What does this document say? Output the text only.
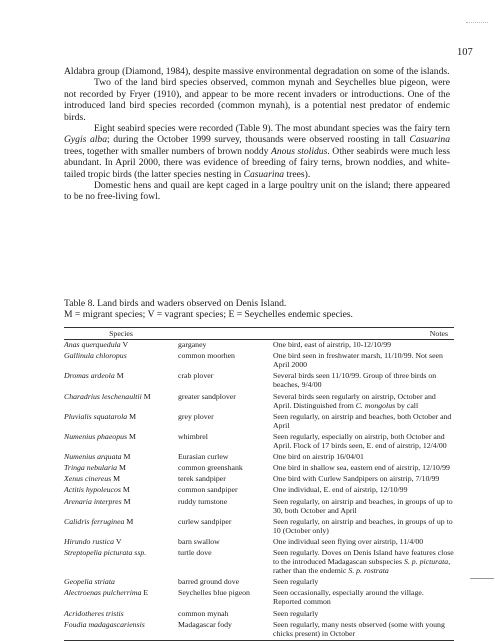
107

Aldabra group (Diamond, 1984), despite massive environmental degradation on some of the islands.

Two of the land bird species observed, common mynah and Seychelles blue pigeon, were not recorded by Fryer (1910), and appear to be more recent invaders or introductions. One of the introduced land bird species recorded (common mynah), is a potential nest predator of endemic birds.

Eight seabird species were recorded (Table 9). The most abundant species was the fairy tern Gygis alba; during the October 1999 survey, thousands were observed roosting in tall Casuarina trees, together with smaller numbers of brown noddy Anous stolidus. Other seabirds were much less abundant. In April 2000, there was evidence of breeding of fairy terns, brown noddies, and white-tailed tropic birds (the latter species nesting in Casuarina trees).

Domestic hens and quail are kept caged in a large poultry unit on the island; there appeared to be no free-living fowl.

Table 8. Land birds and waders observed on Denis Island.
M = migrant species; V = vagrant species; E = Seychelles endemic species.
Species		Notes
Anas querquedula V	garganey	One bird, east of airstrip, 10-12/10/99
Gallinula chloropus	common moorhen	One bird seen in freshwater marsh, 11/10/99. Not seen April 2000
Dromas ardeola M	crab plover	Several birds seen 11/10/99. Group of three birds on beaches, 9/4/00
Charadrius leschenaultii M	greater sandplover	Several birds seen regularly on airstrip, October and April. Distinguished from C. mongolus by call
Pluvialis squatarola M	grey plover	Seen regularly, on airstrip and beaches, both October and April
Numenius phaeopus M	whimbrel	Seen regularly, especially on airstrip, both October and April. Flock of 17 birds seen, E. end of airstrip, 12/4/00
Numenius arquata M	Eurasian curlew	One bird on airstrip 16/04/01
Tringa nebularia M	common greenshank	One bird in shallow sea, eastern end of airstrip, 12/10/99
Xenus cinereus M	terek sandpiper	One bird with Curlew Sandpipers on airstrip, 7/10/99
Actitis hypoleucos M	common sandpiper	One individual, E. end of airstrip, 12/10/99
Arenaria interpres M	ruddy turnstone	Seen regularly, on airstrip and beaches, in groups of up to 30, both October and April
Calidris ferruginea M	curlew sandpiper	Seen regularly, on airstrip and beaches, in groups of up to 10 (October only)
Hirundo rustica V	barn swallow	One individual seen flying over airstrip, 11/4/00
Streptopelia picturata ssp.	turtle dove	Seen regularly. Doves on Denis Island have features close to the introduced Madagascan subspecies S. p. picturata, rather than the endemic S. p. rostrata
Geopelia striata	barred ground dove	Seen regularly
Alectroenas pulcherrima E	Seychelles blue pigeon	Seen occasionally, especially around the village. Reported common
Acridotheres tristis	common mynah	Seen regularly
Foudia madagascariensis	Madagascar fody	Seen regularly, many nests observed (some with young chicks present) in October
